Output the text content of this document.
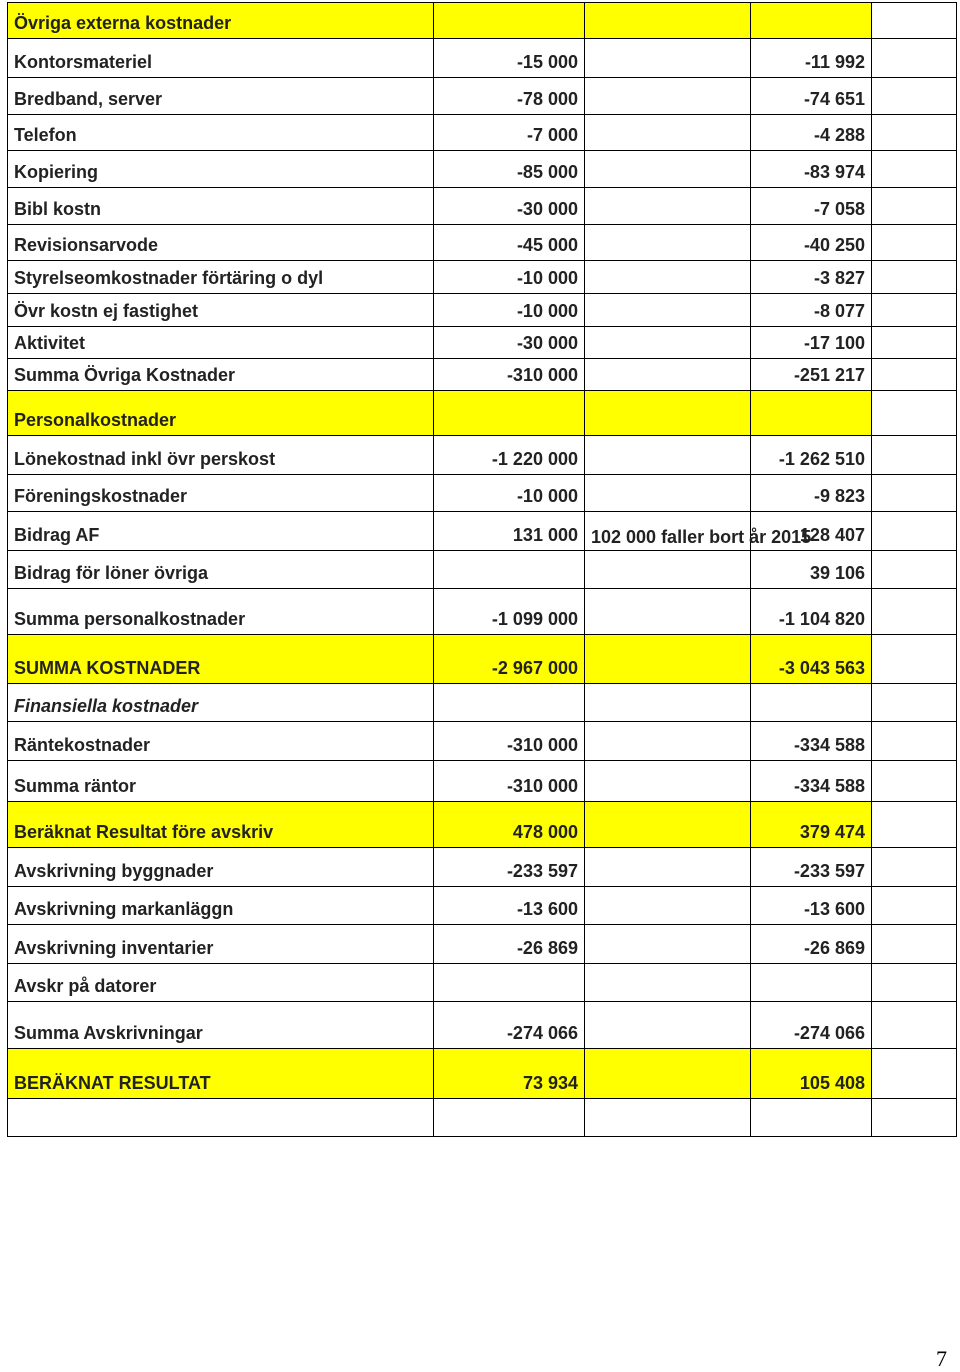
Övriga externa kostnader				
Kontorsmateriel	-15 000		-11 992	
Bredband, server	-78 000		-74 651	
Telefon	-7 000		-4 288	
Kopiering	-85 000		-83 974	
Bibl kostn	-30 000		-7 058	
Revisionsarvode	-45 000		-40 250	
Styrelseomkostnader förtäring o dyl	-10 000		-3 827	
Övr kostn ej fastighet	-10 000		-8 077	
Aktivitet	-30 000		-17 100	
Summa Övriga Kostnader	-310 000		-251 217	
Personalkostnader				
Lönekostnad inkl övr perskost	-1 220 000		-1 262 510	
Föreningskostnader	-10 000		-9 823	
Bidrag AF	131 000	102 000 faller bort år 2015	128 407	
Bidrag för löner övriga			39 106	
Summa personalkostnader	-1 099 000		-1 104 820	
SUMMA KOSTNADER	-2 967 000		-3 043 563	
Finansiella kostnader				
Räntekostnader	-310 000		-334 588	
Summa räntor	-310 000		-334 588	
Beräknat Resultat före avskriv	478 000		379 474	
Avskrivning byggnader	-233 597		-233 597	
Avskrivning markanläggn	-13 600		-13 600	
Avskrivning inventarier	-26 869		-26 869	
Avskr på datorer				
Summa Avskrivningar	-274 066		-274 066	
BERÄKNAT RESULTAT	73 934		105 408	

7
